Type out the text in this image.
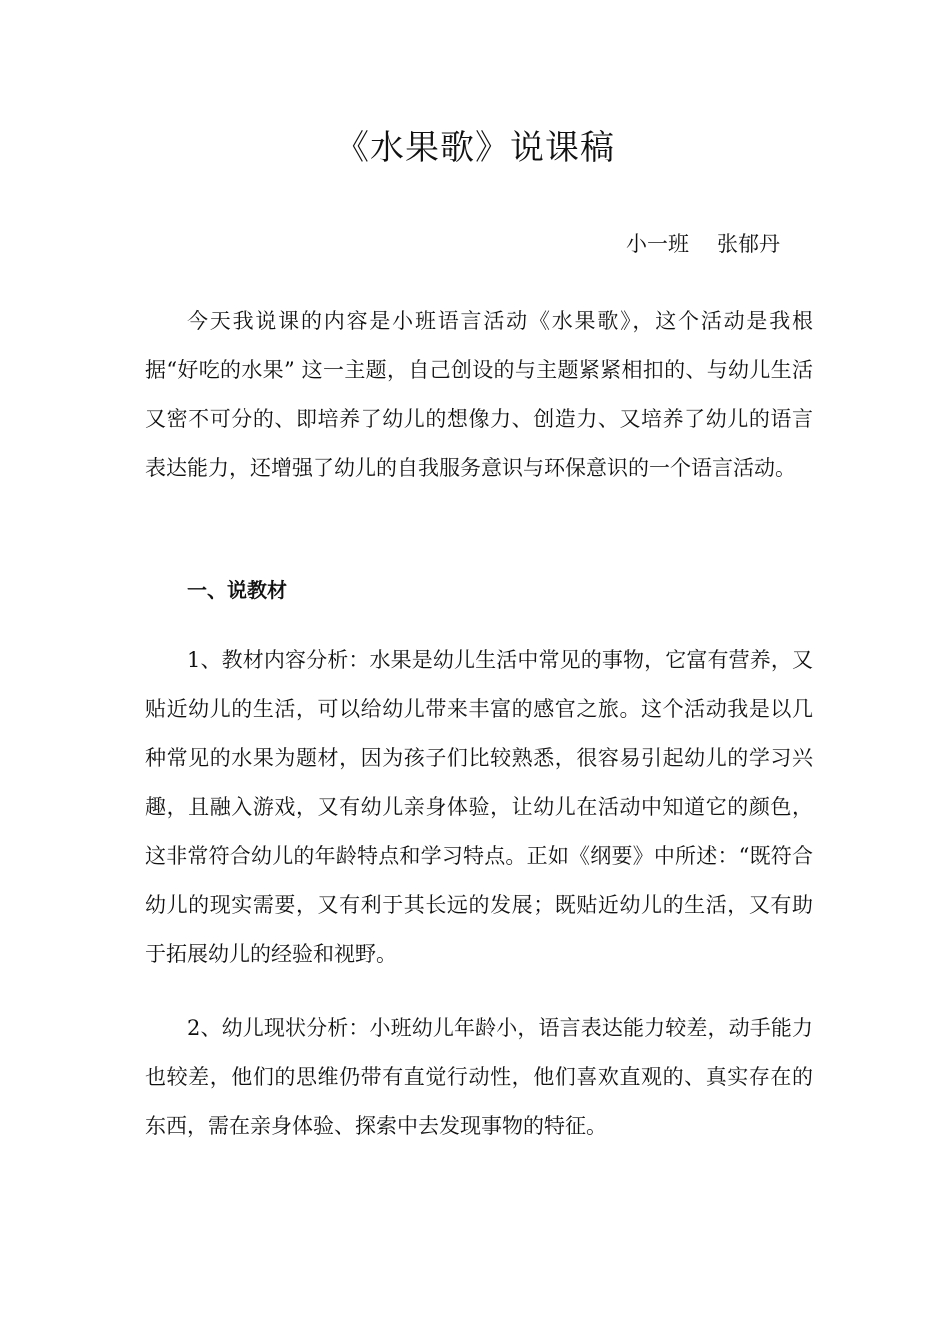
《水果歌》说课稿

小一班 张郁丹

今天我说课的内容是小班语言活动《水果歌》，这个活动是我根据“好吃的水果” 这一主题，自己创设的与主题紧紧相扣的、与幼儿生活又密不可分的、即培养了幼儿的想像力、创造力、又培养了幼儿的语言表达能力，还增强了幼儿的自我服务意识与环保意识的一个语言活动。

一、说教材

1、教材内容分析：水果是幼儿生活中常见的事物，它富有营养，又贴近幼儿的生活，可以给幼儿带来丰富的感官之旅。这个活动我是以几种常见的水果为题材，因为孩子们比较熟悉，很容易引起幼儿的学习兴趣，且融入游戏，又有幼儿亲身体验，让幼儿在活动中知道它的颜色，这非常符合幼儿的年龄特点和学习特点。正如《纲要》中所述：“既符合幼儿的现实需要，又有利于其长远的发展；既贴近幼儿的生活，又有助于拓展幼儿的经验和视野。

2、幼儿现状分析：小班幼儿年龄小，语言表达能力较差，动手能力也较差，他们的思维仍带有直觉行动性，他们喜欢直观的、真实存在的东西，需在亲身体验、探索中去发现事物的特征。
